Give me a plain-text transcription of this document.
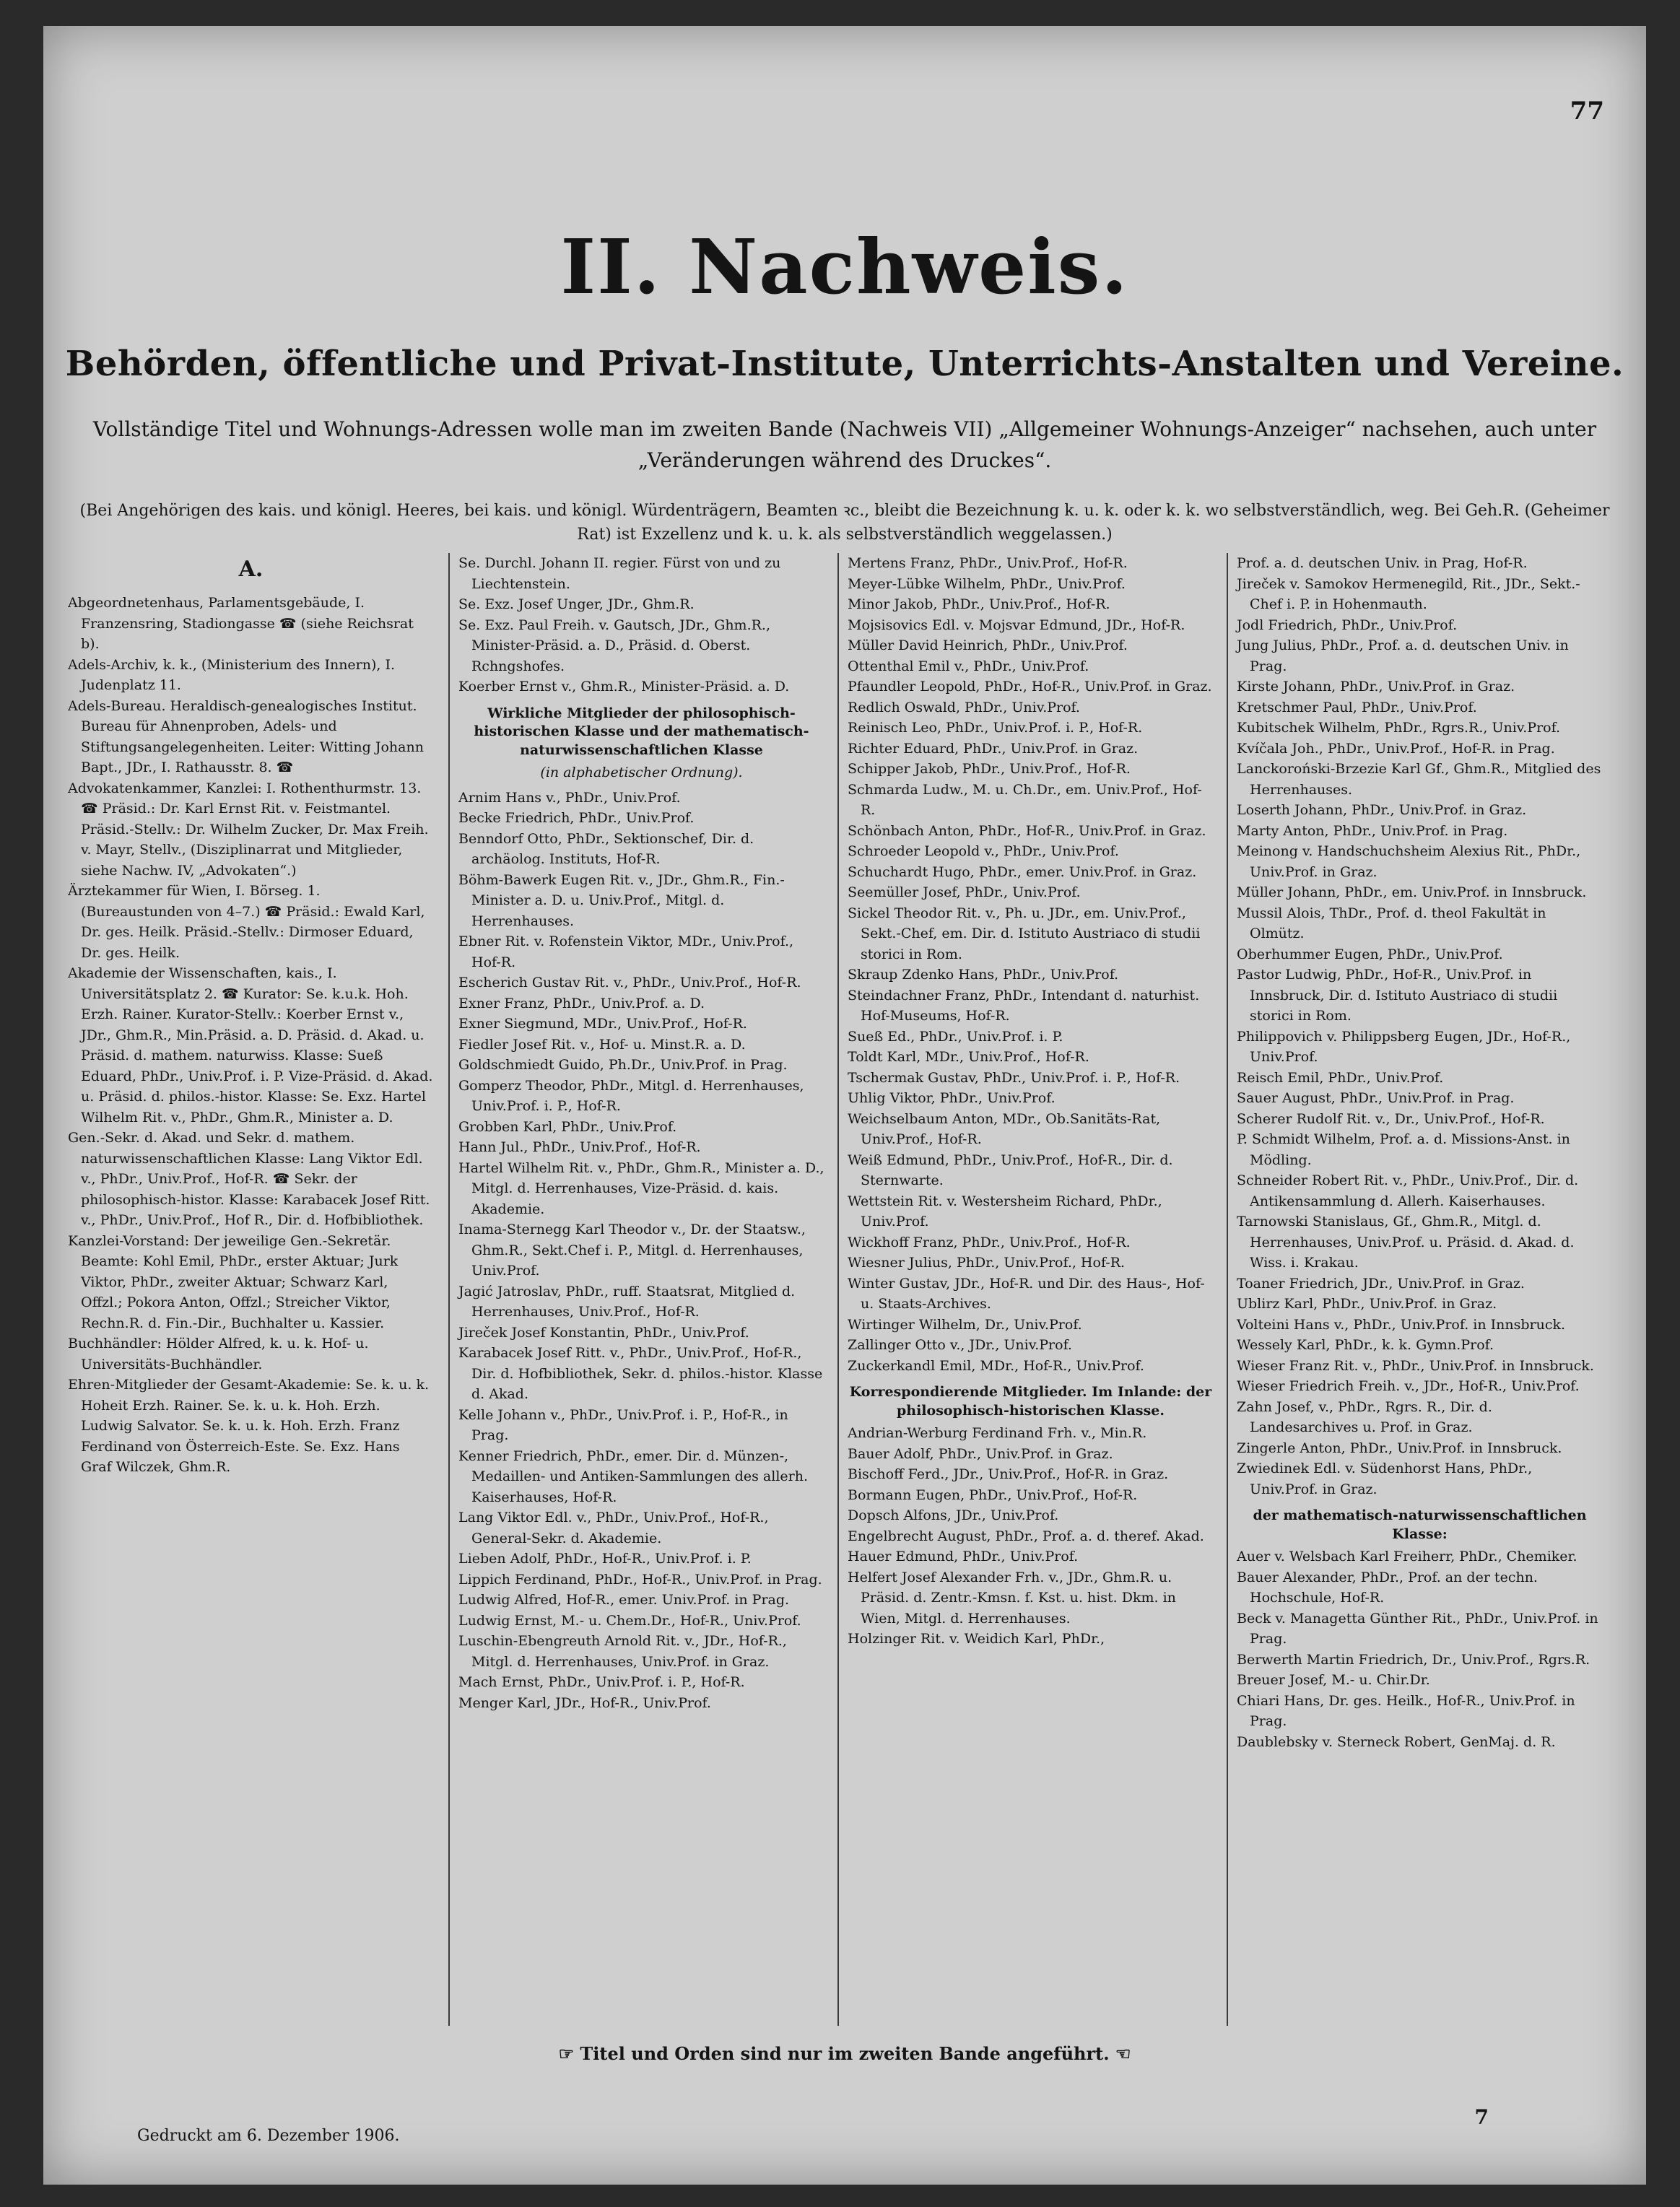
77
II. Nachweis.
Behörden, öffentliche und Privat-Institute, Unterrichts-Anstalten und Vereine.
Vollständige Titel und Wohnungs-Adressen wolle man im zweiten Bande (Nachweis VII) „Allgemeiner Wohnungs-Anzeiger“ nachsehen, auch unter „Veränderungen während des Druckes“.
(Bei Angehörigen des kais. und königl. Heeres, bei kais. und königl. Würdenträgern, Beamten ꝛc., bleibt die Bezeichnung k. u. k. oder k. k. wo selbstverständlich, weg. Bei Geh.R. (Geheimer Rat) ist Exzellenz und k. u. k. als selbstverständlich weggelassen.)
A.

Abgeordnetenhaus, Parlamentsgebäude, I. Franzensring, Stadiongasse ☎ (siehe Reichsrat b).

Adels-Archiv, k. k., (Ministerium des Innern), I. Judenplatz 11.

Adels-Bureau. Heraldisch-genealogisches Institut. Bureau für Ahnenproben, Adels- und Stiftungsangelegenheiten. Leiter: Witting Johann Bapt., JDr., I. Rathausstr. 8. ☎

Advokatenkammer, Kanzlei: I. Rothenthurmstr. 13. ☎ Präsid.: Dr. Karl Ernst Rit. v. Feistmantel. Präsid.-Stellv.: Dr. Wilhelm Zucker, Dr. Max Freih. v. Mayr, Stellv., (Disziplinarrat und Mitglieder, siehe Nachw. IV, „Advokaten“.)

Ärztekammer für Wien, I. Börseg. 1. (Bureaustunden von 4–7.) ☎ Präsid.: Ewald Karl, Dr. ges. Heilk. Präsid.-Stellv.: Dirmoser Eduard, Dr. ges. Heilk.

Akademie der Wissenschaften, kais., I. Universitätsplatz 2. ☎ Kurator: Se. k.u.k. Hoh. Erzh. Rainer. Kurator-Stellv.: Koerber Ernst v., JDr., Ghm.R., Min.Präsid. a. D. Präsid. d. Akad. u. Präsid. d. mathem. naturwiss. Klasse: Sueß Eduard, PhDr., Univ.Prof. i. P. Vize-Präsid. d. Akad. u. Präsid. d. philos.-histor. Klasse: Se. Exz. Hartel Wilhelm Rit. v., PhDr., Ghm.R., Minister a. D.

Gen.-Sekr. d. Akad. und Sekr. d. mathem. naturwissenschaftlichen Klasse: Lang Viktor Edl. v., PhDr., Univ.Prof., Hof-R. ☎ Sekr. der philosophisch-histor. Klasse: Karabacek Josef Ritt. v., PhDr., Univ.Prof., Hof R., Dir. d. Hofbibliothek.

Kanzlei-Vorstand: Der jeweilige Gen.-Sekretär. Beamte: Kohl Emil, PhDr., erster Aktuar; Jurk Viktor, PhDr., zweiter Aktuar; Schwarz Karl, Offzl.; Pokora Anton, Offzl.; Streicher Viktor, Rechn.R. d. Fin.-Dir., Buchhalter u. Kassier.

Buchhändler: Hölder Alfred, k. u. k. Hof- u. Universitäts-Buchhändler.

Ehren-Mitglieder der Gesamt-Akademie: Se. k. u. k. Hoheit Erzh. Rainer. Se. k. u. k. Hoh. Erzh. Ludwig Salvator. Se. k. u. k. Hoh. Erzh. Franz Ferdinand von Österreich-Este. Se. Exz. Hans Graf Wilczek, Ghm.R.

Se. Durchl. Johann II. regier. Fürst von und zu Liechtenstein.

Se. Exz. Josef Unger, JDr., Ghm.R.

Se. Exz. Paul Freih. v. Gautsch, JDr., Ghm.R., Minister-Präsid. a. D., Präsid. d. Oberst. Rchngshofes.

Koerber Ernst v., Ghm.R., Minister-Präsid. a. D.

Wirkliche Mitglieder der philosophisch-historischen Klasse und der mathematisch-naturwissenschaftlichen Klasse
(in alphabetischer Ordnung).

Arnim Hans v., PhDr., Univ.Prof.

Becke Friedrich, PhDr., Univ.Prof.

Benndorf Otto, PhDr., Sektionschef, Dir. d. archäolog. Instituts, Hof-R.

Böhm-Bawerk Eugen Rit. v., JDr., Ghm.R., Fin.-Minister a. D. u. Univ.Prof., Mitgl. d. Herrenhauses.

Ebner Rit. v. Rofenstein Viktor, MDr., Univ.Prof., Hof-R.

Escherich Gustav Rit. v., PhDr., Univ.Prof., Hof-R.

Exner Franz, PhDr., Univ.Prof. a. D.

Exner Siegmund, MDr., Univ.Prof., Hof-R.

Fiedler Josef Rit. v., Hof- u. Minst.R. a. D.

Goldschmiedt Guido, Ph.Dr., Univ.Prof. in Prag.

Gomperz Theodor, PhDr., Mitgl. d. Herrenhauses, Univ.Prof. i. P., Hof-R.

Grobben Karl, PhDr., Univ.Prof.

Hann Jul., PhDr., Univ.Prof., Hof-R.

Hartel Wilhelm Rit. v., PhDr., Ghm.R., Minister a. D., Mitgl. d. Herrenhauses, Vize-Präsid. d. kais. Akademie.

Inama-Sternegg Karl Theodor v., Dr. der Staatsw., Ghm.R., Sekt.Chef i. P., Mitgl. d. Herrenhauses, Univ.Prof.

Jagić Jatroslav, PhDr., ruff. Staatsrat, Mitglied d. Herrenhauses, Univ.Prof., Hof-R.

Jireček Josef Konstantin, PhDr., Univ.Prof.

Karabacek Josef Ritt. v., PhDr., Univ.Prof., Hof-R., Dir. d. Hofbibliothek, Sekr. d. philos.-histor. Klasse d. Akad.

Kelle Johann v., PhDr., Univ.Prof. i. P., Hof-R., in Prag.

Kenner Friedrich, PhDr., emer. Dir. d. Münzen-, Medaillen- und Antiken-Sammlungen des allerh. Kaiserhauses, Hof-R.

Lang Viktor Edl. v., PhDr., Univ.Prof., Hof-R., General-Sekr. d. Akademie.

Lieben Adolf, PhDr., Hof-R., Univ.Prof. i. P.

Lippich Ferdinand, PhDr., Hof-R., Univ.Prof. in Prag.

Ludwig Alfred, Hof-R., emer. Univ.Prof. in Prag.

Ludwig Ernst, M.- u. Chem.Dr., Hof-R., Univ.Prof.

Luschin-Ebengreuth Arnold Rit. v., JDr., Hof-R., Mitgl. d. Herrenhauses, Univ.Prof. in Graz.

Mach Ernst, PhDr., Univ.Prof. i. P., Hof-R.

Menger Karl, JDr., Hof-R., Univ.Prof.

Mertens Franz, PhDr., Univ.Prof., Hof-R.

Meyer-Lübke Wilhelm, PhDr., Univ.Prof.

Minor Jakob, PhDr., Univ.Prof., Hof-R.

Mojsisovics Edl. v. Mojsvar Edmund, JDr., Hof-R.

Müller David Heinrich, PhDr., Univ.Prof.

Ottenthal Emil v., PhDr., Univ.Prof.

Pfaundler Leopold, PhDr., Hof-R., Univ.Prof. in Graz.

Redlich Oswald, PhDr., Univ.Prof.

Reinisch Leo, PhDr., Univ.Prof. i. P., Hof-R.

Richter Eduard, PhDr., Univ.Prof. in Graz.

Schipper Jakob, PhDr., Univ.Prof., Hof-R.

Schmarda Ludw., M. u. Ch.Dr., em. Univ.Prof., Hof-R.

Schönbach Anton, PhDr., Hof-R., Univ.Prof. in Graz.

Schroeder Leopold v., PhDr., Univ.Prof.

Schuchardt Hugo, PhDr., emer. Univ.Prof. in Graz.

Seemüller Josef, PhDr., Univ.Prof.

Sickel Theodor Rit. v., Ph. u. JDr., em. Univ.Prof., Sekt.-Chef, em. Dir. d. Istituto Austriaco di studii storici in Rom.

Skraup Zdenko Hans, PhDr., Univ.Prof.

Steindachner Franz, PhDr., Intendant d. naturhist. Hof-Museums, Hof-R.

Sueß Ed., PhDr., Univ.Prof. i. P.

Toldt Karl, MDr., Univ.Prof., Hof-R.

Tschermak Gustav, PhDr., Univ.Prof. i. P., Hof-R.

Uhlig Viktor, PhDr., Univ.Prof.

Weichselbaum Anton, MDr., Ob.Sanitäts-Rat, Univ.Prof., Hof-R.

Weiß Edmund, PhDr., Univ.Prof., Hof-R., Dir. d. Sternwarte.

Wettstein Rit. v. Westersheim Richard, PhDr., Univ.Prof.

Wickhoff Franz, PhDr., Univ.Prof., Hof-R.

Wiesner Julius, PhDr., Univ.Prof., Hof-R.

Winter Gustav, JDr., Hof-R. und Dir. des Haus-, Hof- u. Staats-Archives.

Wirtinger Wilhelm, Dr., Univ.Prof.

Zallinger Otto v., JDr., Univ.Prof.

Zuckerkandl Emil, MDr., Hof-R., Univ.Prof.

Korrespondierende Mitglieder. Im Inlande: der philosophisch-historischen Klasse.

Andrian-Werburg Ferdinand Frh. v., Min.R.

Bauer Adolf, PhDr., Univ.Prof. in Graz.

Bischoff Ferd., JDr., Univ.Prof., Hof-R. in Graz.

Bormann Eugen, PhDr., Univ.Prof., Hof-R.

Dopsch Alfons, JDr., Univ.Prof.

Engelbrecht August, PhDr., Prof. a. d. theref. Akad.

Hauer Edmund, PhDr., Univ.Prof.

Helfert Josef Alexander Frh. v., JDr., Ghm.R. u. Präsid. d. Zentr.-Kmsn. f. Kst. u. hist. Dkm. in Wien, Mitgl. d. Herrenhauses.

Holzinger Rit. v. Weidich Karl, PhDr.,

Prof. a. d. deutschen Univ. in Prag, Hof-R.

Jireček v. Samokov Hermenegild, Rit., JDr., Sekt.-Chef i. P. in Hohenmauth.

Jodl Friedrich, PhDr., Univ.Prof.

Jung Julius, PhDr., Prof. a. d. deutschen Univ. in Prag.

Kirste Johann, PhDr., Univ.Prof. in Graz.

Kretschmer Paul, PhDr., Univ.Prof.

Kubitschek Wilhelm, PhDr., Rgrs.R., Univ.Prof.

Kvíčala Joh., PhDr., Univ.Prof., Hof-R. in Prag.

Lanckoroński-Brzezie Karl Gf., Ghm.R., Mitglied des Herrenhauses.

Loserth Johann, PhDr., Univ.Prof. in Graz.

Marty Anton, PhDr., Univ.Prof. in Prag.

Meinong v. Handschuchsheim Alexius Rit., PhDr., Univ.Prof. in Graz.

Müller Johann, PhDr., em. Univ.Prof. in Innsbruck.

Mussil Alois, ThDr., Prof. d. theol Fakultät in Olmütz.

Oberhummer Eugen, PhDr., Univ.Prof.

Pastor Ludwig, PhDr., Hof-R., Univ.Prof. in Innsbruck, Dir. d. Istituto Austriaco di studii storici in Rom.

Philippovich v. Philippsberg Eugen, JDr., Hof-R., Univ.Prof.

Reisch Emil, PhDr., Univ.Prof.

Sauer August, PhDr., Univ.Prof. in Prag.

Scherer Rudolf Rit. v., Dr., Univ.Prof., Hof-R.

P. Schmidt Wilhelm, Prof. a. d. Missions-Anst. in Mödling.

Schneider Robert Rit. v., PhDr., Univ.Prof., Dir. d. Antikensammlung d. Allerh. Kaiserhauses.

Tarnowski Stanislaus, Gf., Ghm.R., Mitgl. d. Herrenhauses, Univ.Prof. u. Präsid. d. Akad. d. Wiss. i. Krakau.

Toaner Friedrich, JDr., Univ.Prof. in Graz.

Ublirz Karl, PhDr., Univ.Prof. in Graz.

Volteini Hans v., PhDr., Univ.Prof. in Innsbruck.

Wessely Karl, PhDr., k. k. Gymn.Prof.

Wieser Franz Rit. v., PhDr., Univ.Prof. in Innsbruck.

Wieser Friedrich Freih. v., JDr., Hof-R., Univ.Prof.

Zahn Josef, v., PhDr., Rgrs. R., Dir. d. Landesarchives u. Prof. in Graz.

Zingerle Anton, PhDr., Univ.Prof. in Innsbruck.

Zwiedinek Edl. v. Südenhorst Hans, PhDr., Univ.Prof. in Graz.

der mathematisch-naturwissenschaftlichen Klasse:

Auer v. Welsbach Karl Freiherr, PhDr., Chemiker.

Bauer Alexander, PhDr., Prof. an der techn. Hochschule, Hof-R.

Beck v. Managetta Günther Rit., PhDr., Univ.Prof. in Prag.

Berwerth Martin Friedrich, Dr., Univ.Prof., Rgrs.R.

Breuer Josef, M.- u. Chir.Dr.

Chiari Hans, Dr. ges. Heilk., Hof-R., Univ.Prof. in Prag.

Daublebsky v. Sterneck Robert, GenMaj. d. R.

☞ Titel und Orden sind nur im zweiten Bande angeführt. ☜
Gedruckt am 6. Dezember 1906.
7
